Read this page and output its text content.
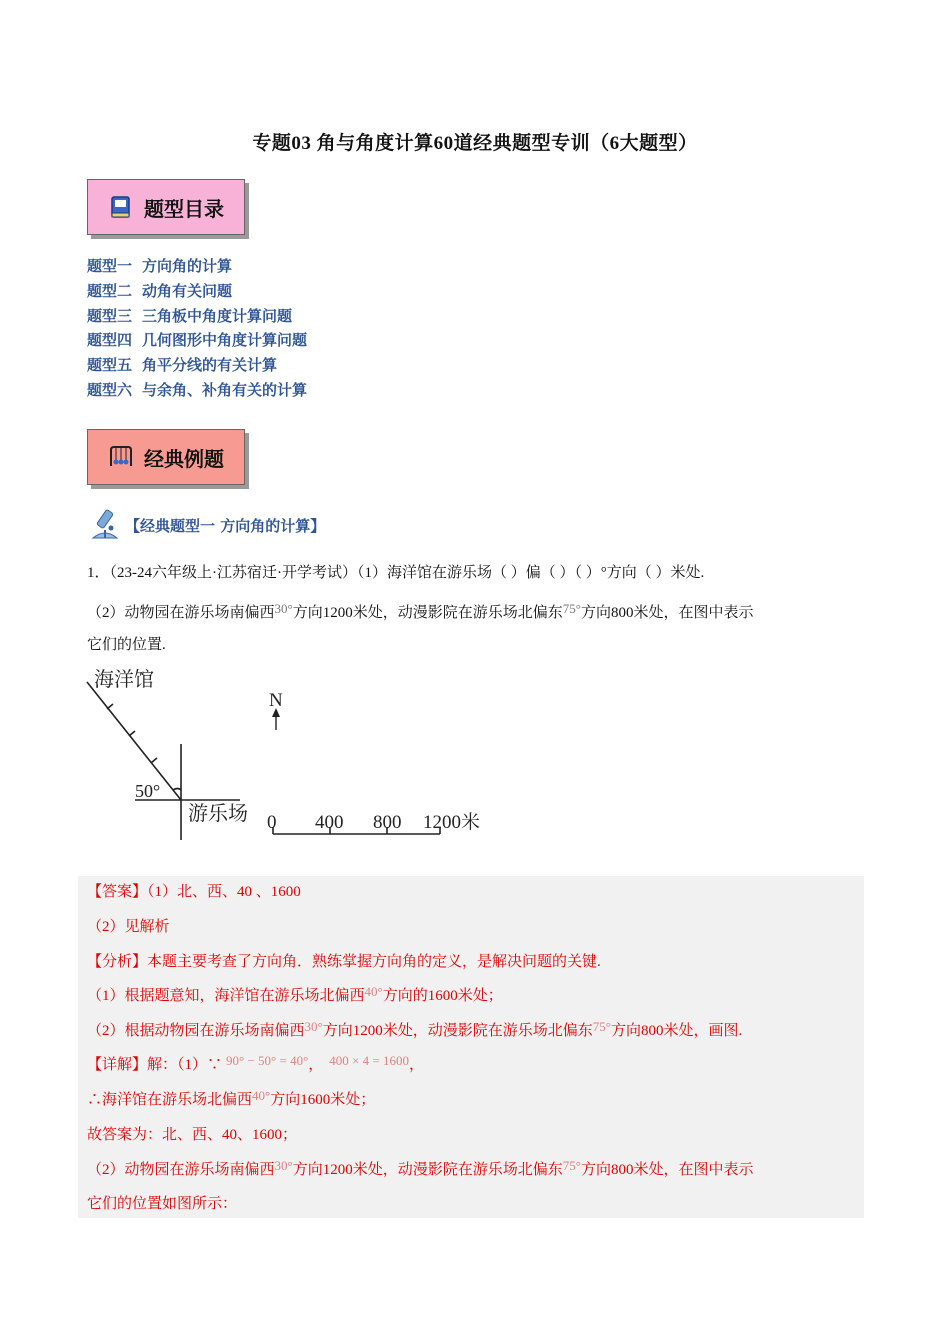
专题03 角与角度计算60道经典题型专训（6大题型）
题型目录
题型一 方向角的计算
题型二 动角有关问题
题型三 三角板中角度计算问题
题型四 几何图形中角度计算问题
题型五 角平分线的有关计算
题型六 与余角、补角有关的计算
经典例题
【经典题型一 方向角的计算】
1．（23-24六年级上·江苏宿迁·开学考试）（1）海洋馆在游乐场（ ）偏（ ）（ ）°方向（ ）米处.
（2）动物园在游乐场南偏西30°方向1200米处，动漫影院在游乐场北偏东75°方向800米处，在图中表示
它们的位置.
海洋馆
50°
游乐场
N
0 400 800 1200米
【答案】（1）北、西、40 、1600
（2）见解析
【分析】本题主要考查了方向角．熟练掌握方向角的定义，是解决问题的关键.
（1）根据题意知，海洋馆在游乐场北偏西40°方向的1600米处；
（2）根据动物园在游乐场南偏西30°方向1200米处，动漫影院在游乐场北偏东75°方向800米处，画图.
【详解】解：（1）∵ 90° − 50° = 40°， 400 × 4 = 1600，
∴海洋馆在游乐场北偏西40°方向1600米处；
故答案为：北、西、40、1600；
（2）动物园在游乐场南偏西30°方向1200米处，动漫影院在游乐场北偏东75°方向800米处，在图中表示
它们的位置如图所示：
